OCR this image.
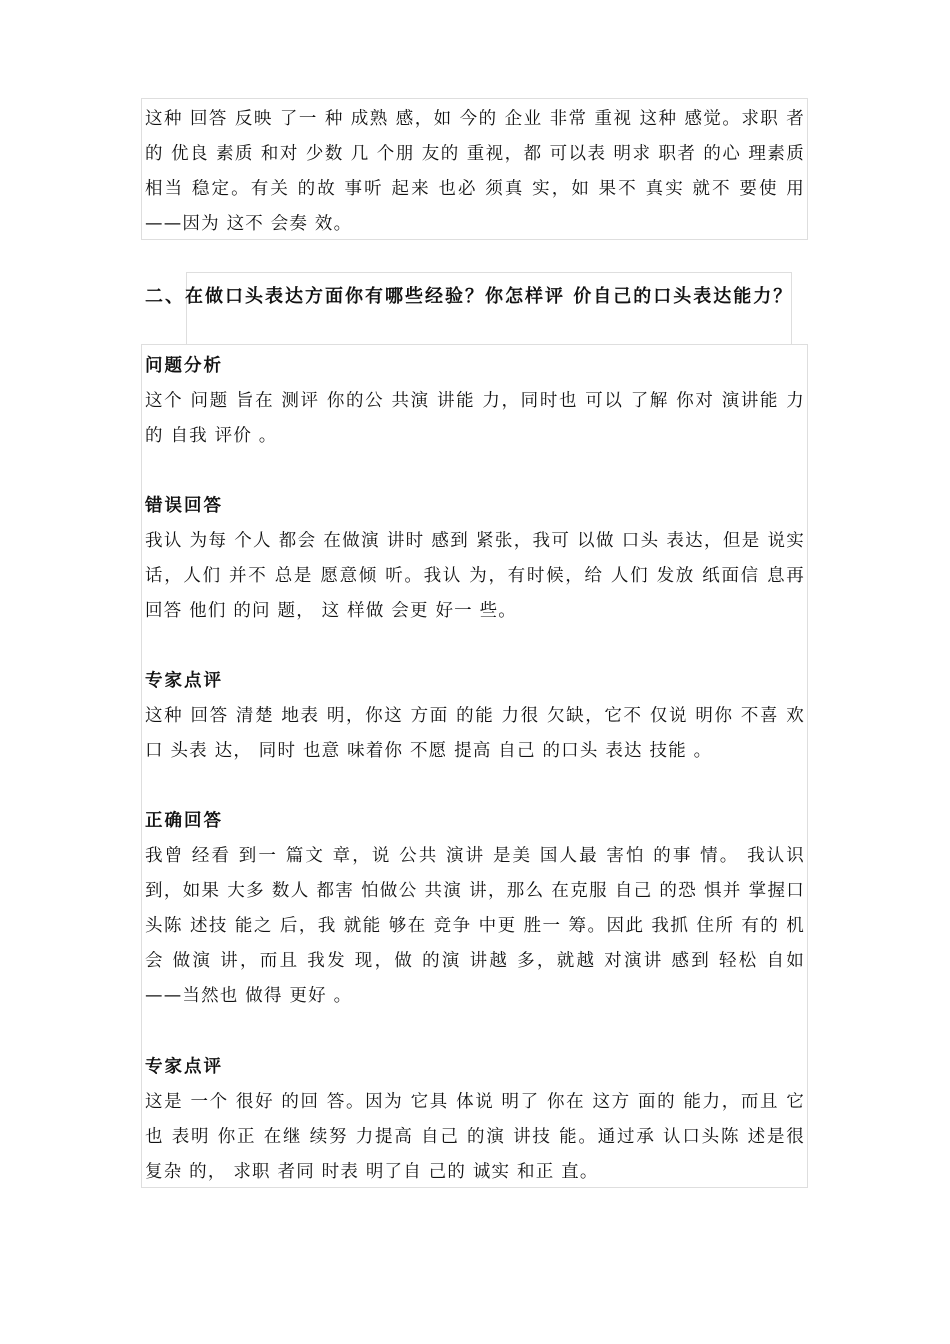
这种 回答 反映 了一 种 成熟 感，如 今的 企业 非常 重视 这种 感觉。求职 者的 优良 素质 和对 少数 几 个朋 友的 重视，都 可以表 明求 职者 的心 理素质 相当 稳定。有关 的故 事听 起来 也必 须真 实，如 果不 真实 就不 要使 用——因为 这不 会奏 效。

二、在做口头表达方面你有哪些经验？你怎样评 价自己的口头表达能力？
问题分析

这个 问题 旨在 测评 你的公 共演 讲能 力，同时也 可以 了解 你对 演讲能 力的 自我 评价 。

错误回答

我认 为每 个人 都会 在做演 讲时 感到 紧张，我可 以做 口头 表达，但是 说实 话，人们 并不 总是 愿意倾 听。我认 为，有时候，给 人们 发放 纸面信 息再 回答 他们 的问 题， 这 样做 会更 好一 些。

专家点评

这种 回答 清楚 地表 明，你这 方面 的能 力很 欠缺，它不 仅说 明你 不喜 欢口 头表 达， 同时 也意 味着你 不愿 提高 自己 的口头 表达 技能 。

正确回答

我曾 经看 到一 篇文 章，说 公共 演讲 是美 国人最 害怕 的事 情。 我认识 到，如果 大多 数人 都害 怕做公 共演 讲，那么 在克服 自己 的恐 惧并 掌握口 头陈 述技 能之 后，我 就能 够在 竞争 中更 胜一 筹。因此 我抓 住所 有的 机会 做演 讲，而且 我发 现，做 的演 讲越 多，就越 对演讲 感到 轻松 自如 ——当然也 做得 更好 。

专家点评

这是 一个 很好 的回 答。因为 它具 体说 明了 你在 这方 面的 能力，而且 它也 表明 你正 在继 续努 力提高 自己 的演 讲技 能。通过承 认口头陈 述是很 复杂 的， 求职 者同 时表 明了自 己的 诚实 和正 直。
